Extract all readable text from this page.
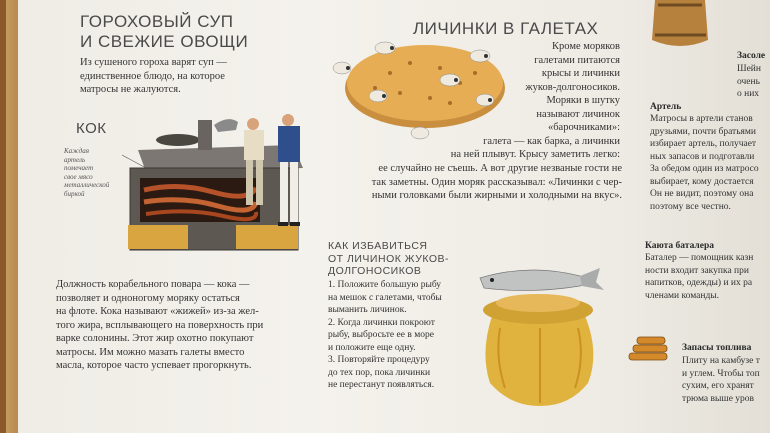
ГОРОХОВЫЙ СУП
И СВЕЖИЕ ОВОЩИ
Из сушеного гороха варят суп —
единственное блюдо, на которое
матросы не жалуются.
КОК
Каждая
артель
помечает
свое мясо
металлической
биркой
Должность корабельного повара — кока —
позволяет и одноногому моряку остаться
на флоте. Кока называют «жижей» из-за жел-
того жира, всплывающего на поверхность при
варке солонины. Этот жир охотно покупают
матросы. Им можно мазать галеты вместо
масла, которое часто успевает прогоркнуть.
ЛИЧИНКИ В ГАЛЕТАХ
Кроме моряков
галетами питаются
крысы и личинки
жуков-долгоносиков.
Моряки в шутку
называют личинок
«барочниками»:
галета — как барка, а личинки
на ней плывут. Крысу заметить легко:
ее случайно не съешь. А вот другие незваные гости не
так заметны. Один моряк рассказывал: «Личинки с чер-
ными головками были жирными и холодными на вкус».
КАК ИЗБАВИТЬСЯ
ОТ ЛИЧИНОК ЖУКОВ-
ДОЛГОНОСИКОВ
1. Положите большую рыбу
на мешок с галетами, чтобы
выманить личинок.
2. Когда личинки покроют
рыбу, выбросьте ее в море
и положите еще одну.
3. Повторяйте процедуру
до тех пор, пока личинки
не перестанут появляться.
Засоле
Шейн
очень
о них
Артель
Матросы в артели станов
друзьями, почти братьями
избирает артель, получает
ных запасов и подготавли
За обедом один из матросо
выбирает, кому достается
Он не видит, поэтому она
поэтому все честно.
Каюта баталера
Баталер — помощник казн
ности входит закупка при
напитков, одежды) и их ра
членами команды.
Запасы топлива
Плиту на камбузе т
и углем. Чтобы топ
сухим, его хранят
трюма выше уров
